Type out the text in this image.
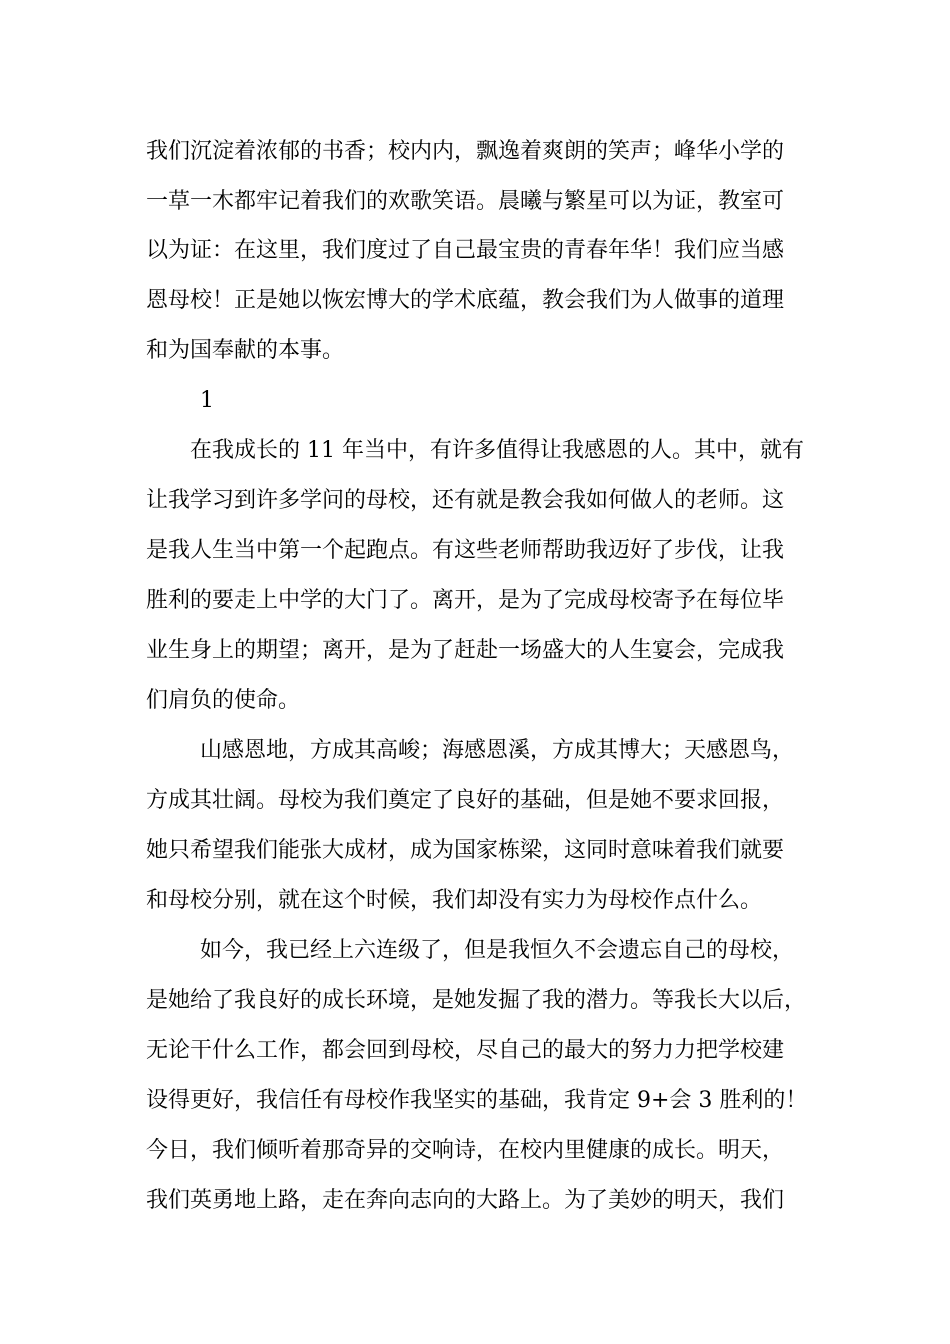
我们沉淀着浓郁的书香；校内内，飘逸着爽朗的笑声；峰华小学的
一草一木都牢记着我们的欢歌笑语。晨曦与繁星可以为证，教室可
以为证：在这里，我们度过了自己最宝贵的青春年华！我们应当感
恩母校！正是她以恢宏博大的学术底蕴，教会我们为人做事的道理
和为国奉献的本事。
1
在我成长的 11 年当中，有许多值得让我感恩的人。其中，就有
让我学习到许多学问的母校，还有就是教会我如何做人的老师。这
是我人生当中第一个起跑点。有这些老师帮助我迈好了步伐，让我
胜利的要走上中学的大门了。离开，是为了完成母校寄予在每位毕
业生身上的期望；离开，是为了赶赴一场盛大的人生宴会，完成我
们肩负的使命。
山感恩地，方成其高峻；海感恩溪，方成其博大；天感恩鸟，
方成其壮阔。母校为我们奠定了良好的基础，但是她不要求回报，
她只希望我们能张大成材，成为国家栋梁，这同时意味着我们就要
和母校分别，就在这个时候，我们却没有实力为母校作点什么。
如今，我已经上六连级了，但是我恒久不会遗忘自己的母校，
是她给了我良好的成长环境，是她发掘了我的潜力。等我长大以后，
无论干什么工作，都会回到母校，尽自己的最大的努力力把学校建
设得更好，我信任有母校作我坚实的基础，我肯定 9+会 3 胜利的！
今日，我们倾听着那奇异的交响诗，在校内里健康的成长。明天，
我们英勇地上路，走在奔向志向的大路上。为了美妙的明天，我们
